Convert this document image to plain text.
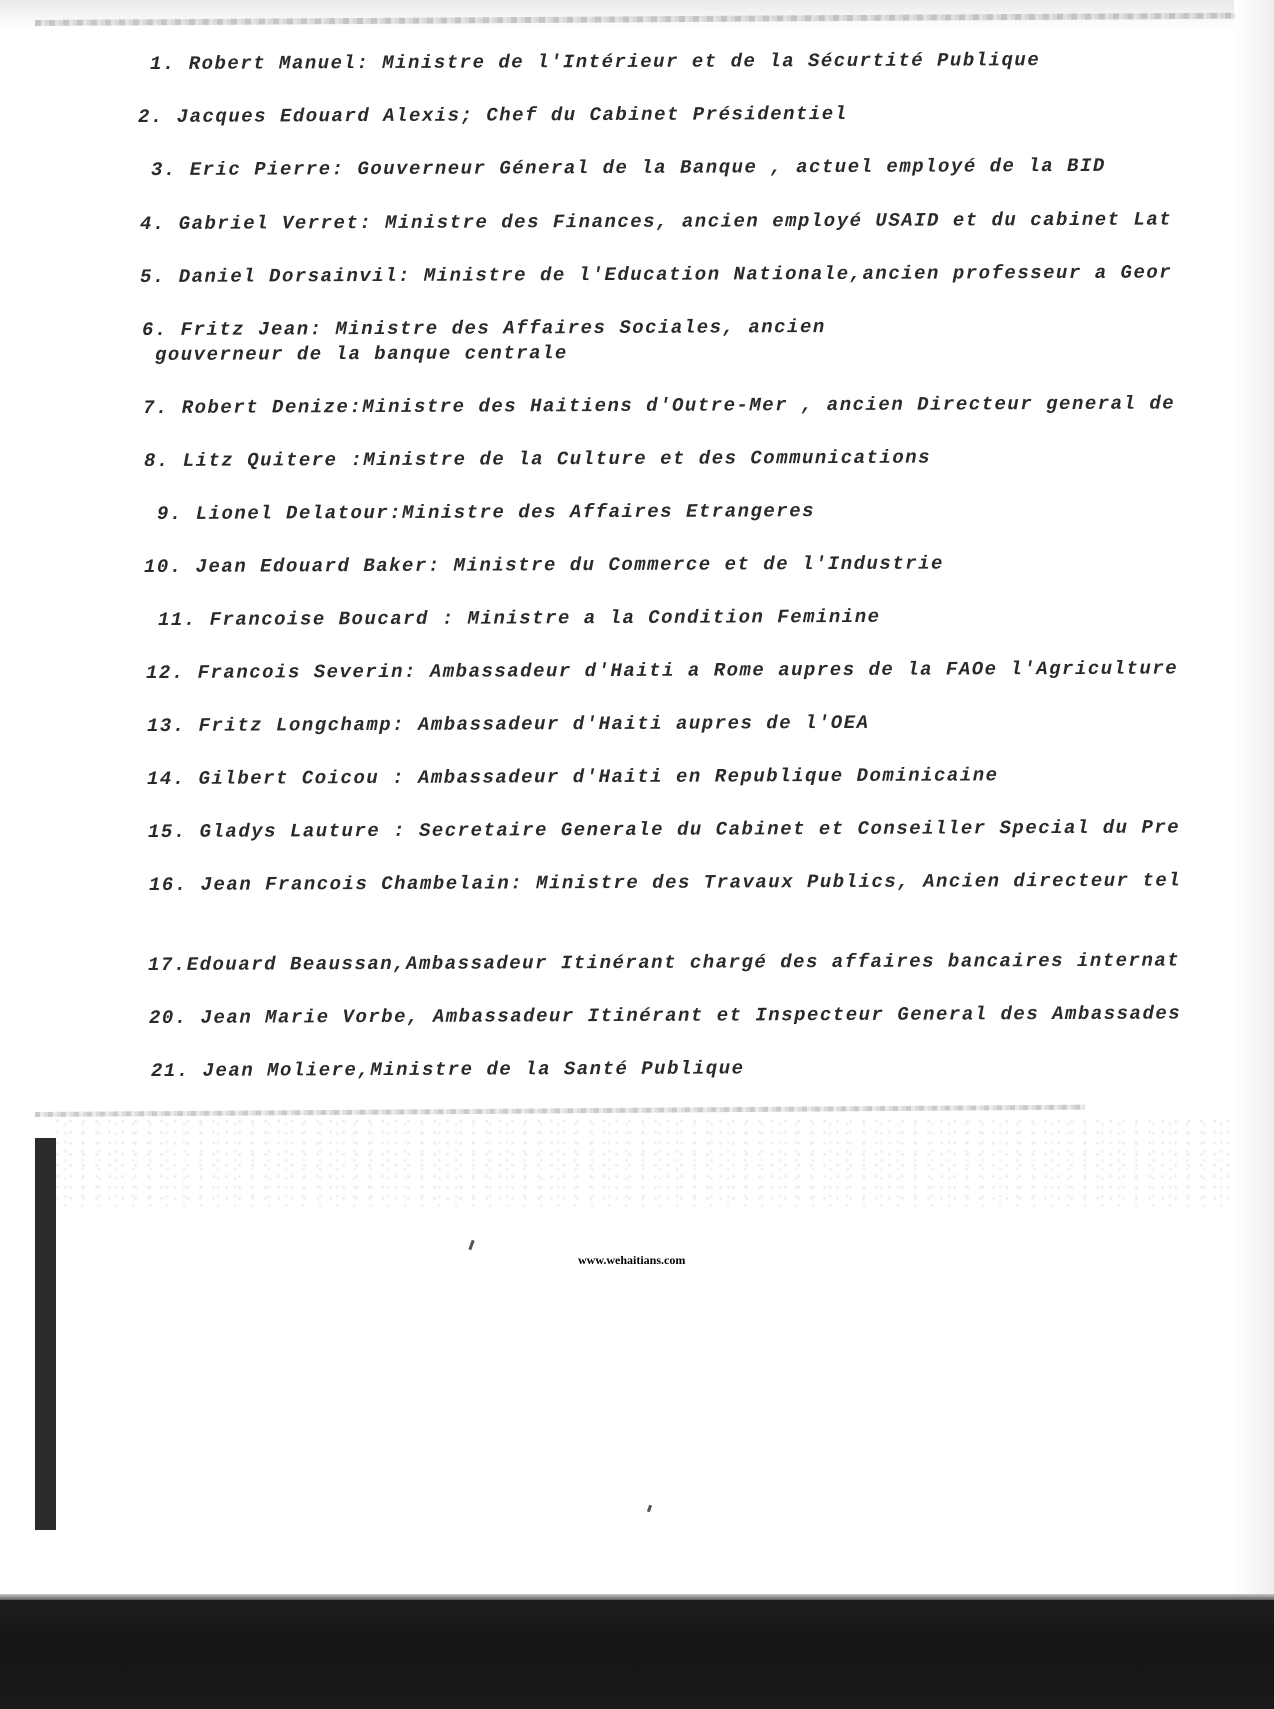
1. Robert Manuel: Ministre de l'Intérieur et de la Sécurtité Publique
2. Jacques Edouard Alexis; Chef du Cabinet Présidentiel
3. Eric Pierre: Gouverneur Géneral de la Banque , actuel employé de la BID
4. Gabriel Verret: Ministre des Finances, ancien employé USAID et du cabinet Lat
5. Daniel Dorsainvil: Ministre de l'Education Nationale,ancien professeur a Geor
6. Fritz Jean: Ministre des Affaires Sociales, ancien
gouverneur de la banque centrale
7. Robert Denize:Ministre des Haitiens d'Outre-Mer , ancien Directeur general de
8. Litz Quitere :Ministre de la Culture et des Communications
9. Lionel Delatour:Ministre des Affaires Etrangeres
10. Jean Edouard Baker: Ministre du Commerce et de l'Industrie
11. Francoise Boucard : Ministre a la Condition Feminine
12. Francois Severin: Ambassadeur d'Haiti a Rome aupres de la FAOe l'Agriculture
13. Fritz Longchamp: Ambassadeur d'Haiti aupres de l'OEA
14. Gilbert Coicou : Ambassadeur d'Haiti en Republique Dominicaine
15. Gladys Lauture : Secretaire Generale du Cabinet et Conseiller Special du Pre
16. Jean Francois Chambelain: Ministre des Travaux Publics, Ancien directeur tel
17.Edouard Beaussan,Ambassadeur Itinérant chargé des affaires bancaires internat
20. Jean Marie Vorbe, Ambassadeur Itinérant et Inspecteur General des Ambassades
21. Jean Moliere,Ministre de la Santé Publique
www.wehaitians.com
